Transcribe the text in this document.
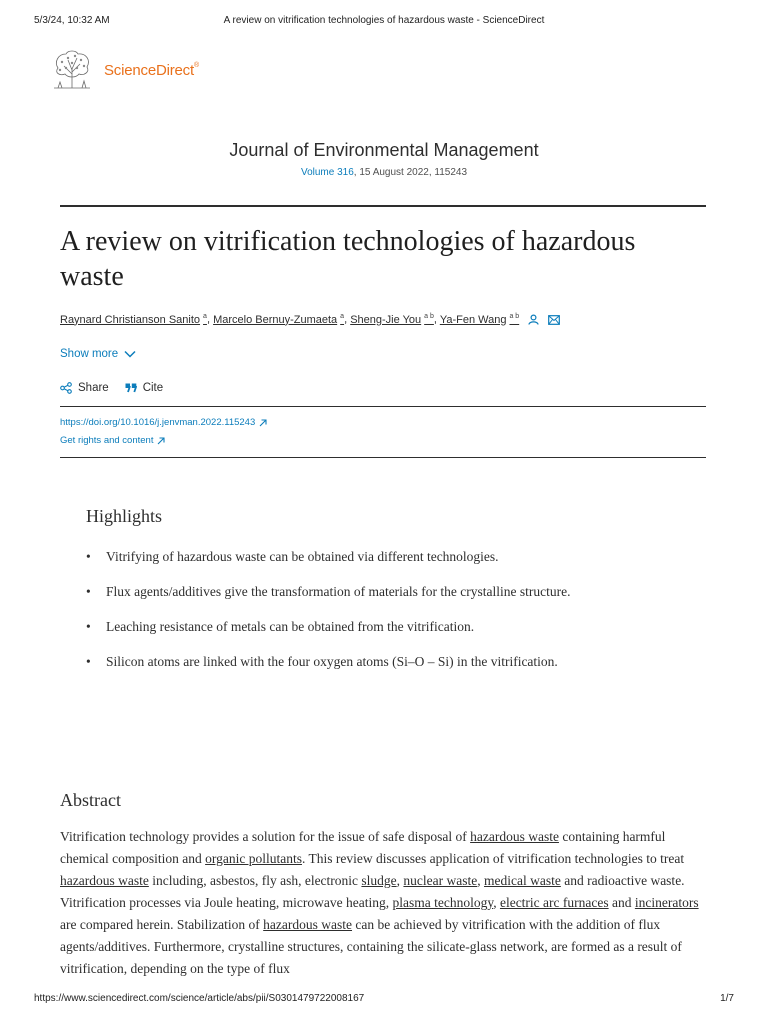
5/3/24, 10:32 AM	A review on vitrification technologies of hazardous waste - ScienceDirect
ScienceDirect®
Journal of Environmental Management
Volume 316, 15 August 2022, 115243
A review on vitrification technologies of hazardous waste
Raynard Christianson Sanito $^a$, Marcelo Bernuy-Zumaeta $^a$, Sheng-Jie You $^{a b}$, Ya-Fen Wang $^{a b}$
Show more
Share	Cite
https://doi.org/10.1016/j.jenvman.2022.115243
Get rights and content
Highlights
• Vitrifying of hazardous waste can be obtained via different technologies.
• Flux agents/additives give the transformation of materials for the crystalline structure.
• Leaching resistance of metals can be obtained from the vitrification.
• Silicon atoms are linked with the four oxygen atoms (Si–O – Si) in the vitrification.
Abstract

Vitrification technology provides a solution for the issue of safe disposal of hazardous waste containing harmful chemical composition and organic pollutants. This review discusses application of vitrification technologies to treat hazardous waste including, asbestos, fly ash, electronic sludge, nuclear waste, medical waste and radioactive waste. Vitrification processes via Joule heating, microwave heating, plasma technology, electric arc furnaces and incinerators are compared herein. Stabilization of hazardous waste can be achieved by vitrification with the addition of flux agents/additives. Furthermore, crystalline structures, containing the silicate-glass network, are formed as a result of vitrification, depending on the type of flux

https://www.sciencedirect.com/science/article/abs/pii/S0301479722008167	1/7
